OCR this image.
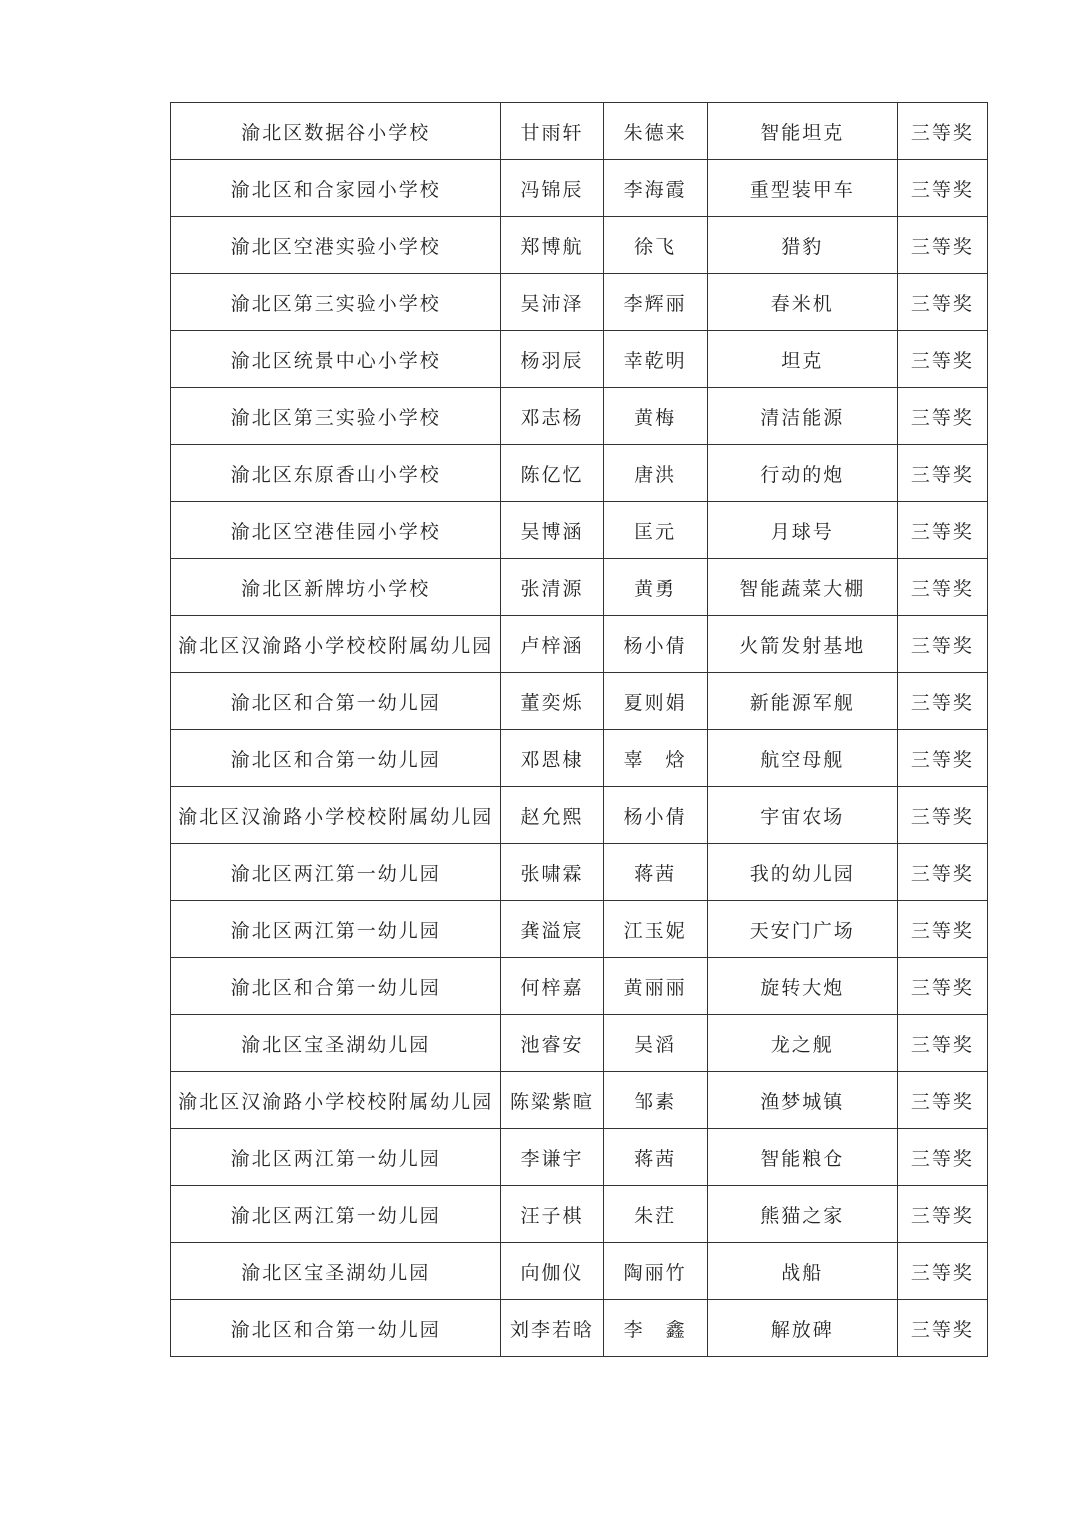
渝北区数据谷小学校	甘雨轩	朱德来	智能坦克	三等奖
渝北区和合家园小学校	冯锦辰	李海霞	重型装甲车	三等奖
渝北区空港实验小学校	郑博航	徐飞	猎豹	三等奖
渝北区第三实验小学校	吴沛泽	李辉丽	春米机	三等奖
渝北区统景中心小学校	杨羽辰	幸乾明	坦克	三等奖
渝北区第三实验小学校	邓志杨	黄梅	清洁能源	三等奖
渝北区东原香山小学校	陈亿忆	唐洪	行动的炮	三等奖
渝北区空港佳园小学校	吴博涵	匡元	月球号	三等奖
渝北区新牌坊小学校	张清源	黄勇	智能蔬菜大棚	三等奖
渝北区汉渝路小学校校附属幼儿园	卢梓涵	杨小倩	火箭发射基地	三等奖
渝北区和合第一幼儿园	董奕烁	夏则娟	新能源军舰	三等奖
渝北区和合第一幼儿园	邓恩棣	辜　焓	航空母舰	三等奖
渝北区汉渝路小学校校附属幼儿园	赵允熙	杨小倩	宇宙农场	三等奖
渝北区两江第一幼儿园	张啸霖	蒋茜	我的幼儿园	三等奖
渝北区两江第一幼儿园	龚溢宸	江玉妮	天安门广场	三等奖
渝北区和合第一幼儿园	何梓嘉	黄丽丽	旋转大炮	三等奖
渝北区宝圣湖幼儿园	池睿安	吴滔	龙之舰	三等奖
渝北区汉渝路小学校校附属幼儿园	陈粱紫暄	邹素	渔梦城镇	三等奖
渝北区两江第一幼儿园	李谦宇	蒋茜	智能粮仓	三等奖
渝北区两江第一幼儿园	汪子棋	朱茳	熊猫之家	三等奖
渝北区宝圣湖幼儿园	向伽仪	陶丽竹	战船	三等奖
渝北区和合第一幼儿园	刘李若晗	李　鑫	解放碑	三等奖
